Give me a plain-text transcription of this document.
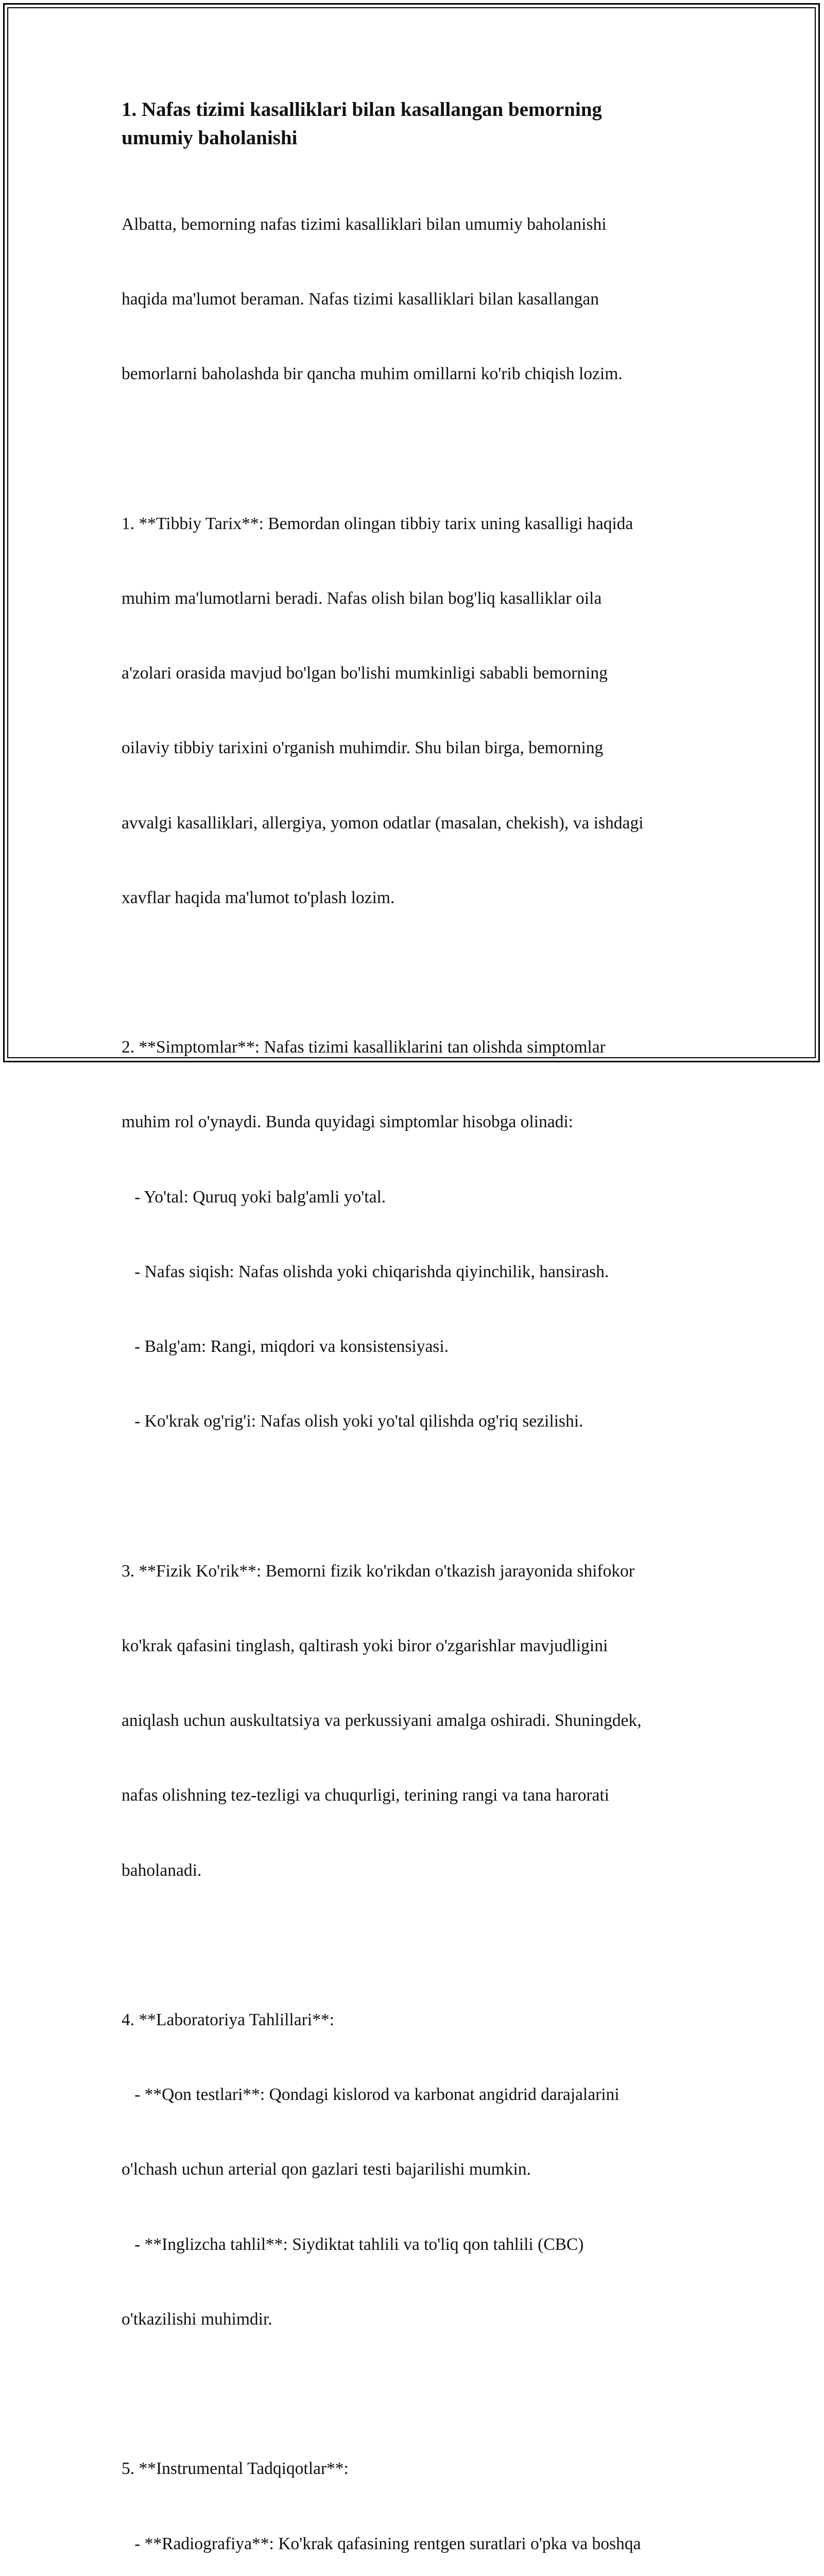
1. Nafas tizimi kasalliklari bilan kasallangan bemorning
umumiy baholanishi

Albatta, bemorning nafas tizimi kasalliklari bilan umumiy baholanishi

haqida ma'lumot beraman. Nafas tizimi kasalliklari bilan kasallangan

bemorlarni baholashda bir qancha muhim omillarni ko'rib chiqish lozim.

1. **Tibbiy Tarix**: Bemordan olingan tibbiy tarix uning kasalligi haqida

muhim ma'lumotlarni beradi. Nafas olish bilan bog'liq kasalliklar oila

a'zolari orasida mavjud bo'lgan bo'lishi mumkinligi sababli bemorning

oilaviy tibbiy tarixini o'rganish muhimdir. Shu bilan birga, bemorning

avvalgi kasalliklari, allergiya, yomon odatlar (masalan, chekish), va ishdagi

xavflar haqida ma'lumot to'plash lozim.

2. **Simptomlar**: Nafas tizimi kasalliklarini tan olishda simptomlar

muhim rol o'ynaydi. Bunda quyidagi simptomlar hisobga olinadi:

- Yo'tal: Quruq yoki balg'amli yo'tal.

- Nafas siqish: Nafas olishda yoki chiqarishda qiyinchilik, hansirash.

- Balg'am: Rangi, miqdori va konsistensiyasi.

- Ko'krak og'rig'i: Nafas olish yoki yo'tal qilishda og'riq sezilishi.

3. **Fizik Ko'rik**: Bemorni fizik ko'rikdan o'tkazish jarayonida shifokor

ko'krak qafasini tinglash, qaltirash yoki biror o'zgarishlar mavjudligini

aniqlash uchun auskultatsiya va perkussiyani amalga oshiradi. Shuningdek,

nafas olishning tez-tezligi va chuqurligi, terining rangi va tana harorati

baholanadi.

4. **Laboratoriya Tahlillari**:

- **Qon testlari**: Qondagi kislorod va karbonat angidrid darajalarini

o'lchash uchun arterial qon gazlari testi bajarilishi mumkin.

- **Inglizcha tahlil**: Siydiktat tahlili va to'liq qon tahlili (CBC)

o'tkazilishi muhimdir.

5. **Instrumental Tadqiqotlar**:

- **Radiografiya**: Ko'krak qafasining rentgen suratlari o'pka va boshqa
